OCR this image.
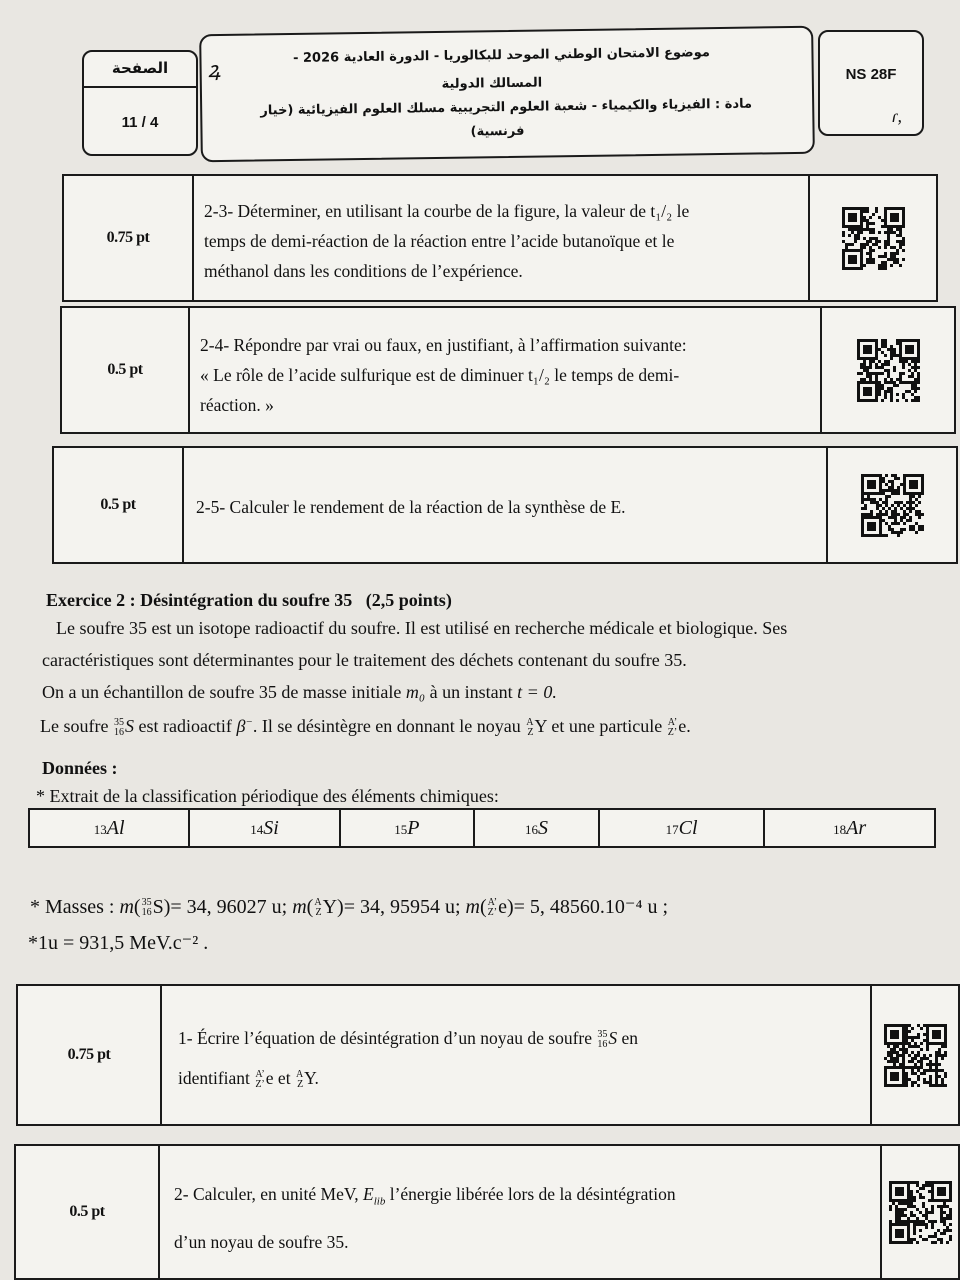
الصفحة
11 / 4
موضوع الامتحان الوطني الموحد للبكالوريا - الدورة العادية 2026 -
المسالك الدولية
مادة : الفيزياء والكيمياء - شعبة العلوم التجريبية مسلك العلوم الفيزيائية (خيار
فرنسية)
ꝝ	NS 28F
ɾ,
0.75 pt
2-3- Déterminer, en utilisant la courbe de la figure, la valeur de t₁/₂ le
temps de demi-réaction de la réaction entre l’acide butanoïque et le
méthanol dans les conditions de l’expérience.
0.5 pt
2-4- Répondre par vrai ou faux, en justifiant, à l’affirmation suivante:
« Le rôle de l’acide sulfurique est de diminuer t₁/₂ le temps de demi-
réaction. »
0.5 pt	2-5- Calculer le rendement de la réaction de la synthèse de E.
Exercice 2 : Désintégration du soufre 35 (2,5 points)
Le soufre 35 est un isotope radioactif du soufre. Il est utilisé en recherche médicale et biologique. Ses
caractéristiques sont déterminantes pour le traitement des déchets contenant du soufre 35.
On a un échantillon de soufre 35 de masse initiale m₀ à un instant t = 0.
Le soufre 35
16 S est radioactif β−. Il se désintègre en donnant le noyau A
Z Y et une particule A’
Z’ e.
Données :
* Extrait de la classification périodique des éléments chimiques:
13Al	14Si	15P	16S	17Cl	18Ar
* Masses : m( 35
16 S)= 34, 96027 u; m( A
Z Y)= 34, 95954 u; m( A’
Z’ e)= 5, 48560.10⁻⁴ u ;
*1u = 931,5 MeV.c⁻² .
0.75 pt
1- Écrire l’équation de désintégration d’un noyau de soufre 35
16 S en
identifiant A’
Z’ e et A
Z Y.
0.5 pt
2- Calculer, en unité MeV, $E_{lib}$ l’énergie libérée lors de la désintégration
d’un noyau de soufre 35.
